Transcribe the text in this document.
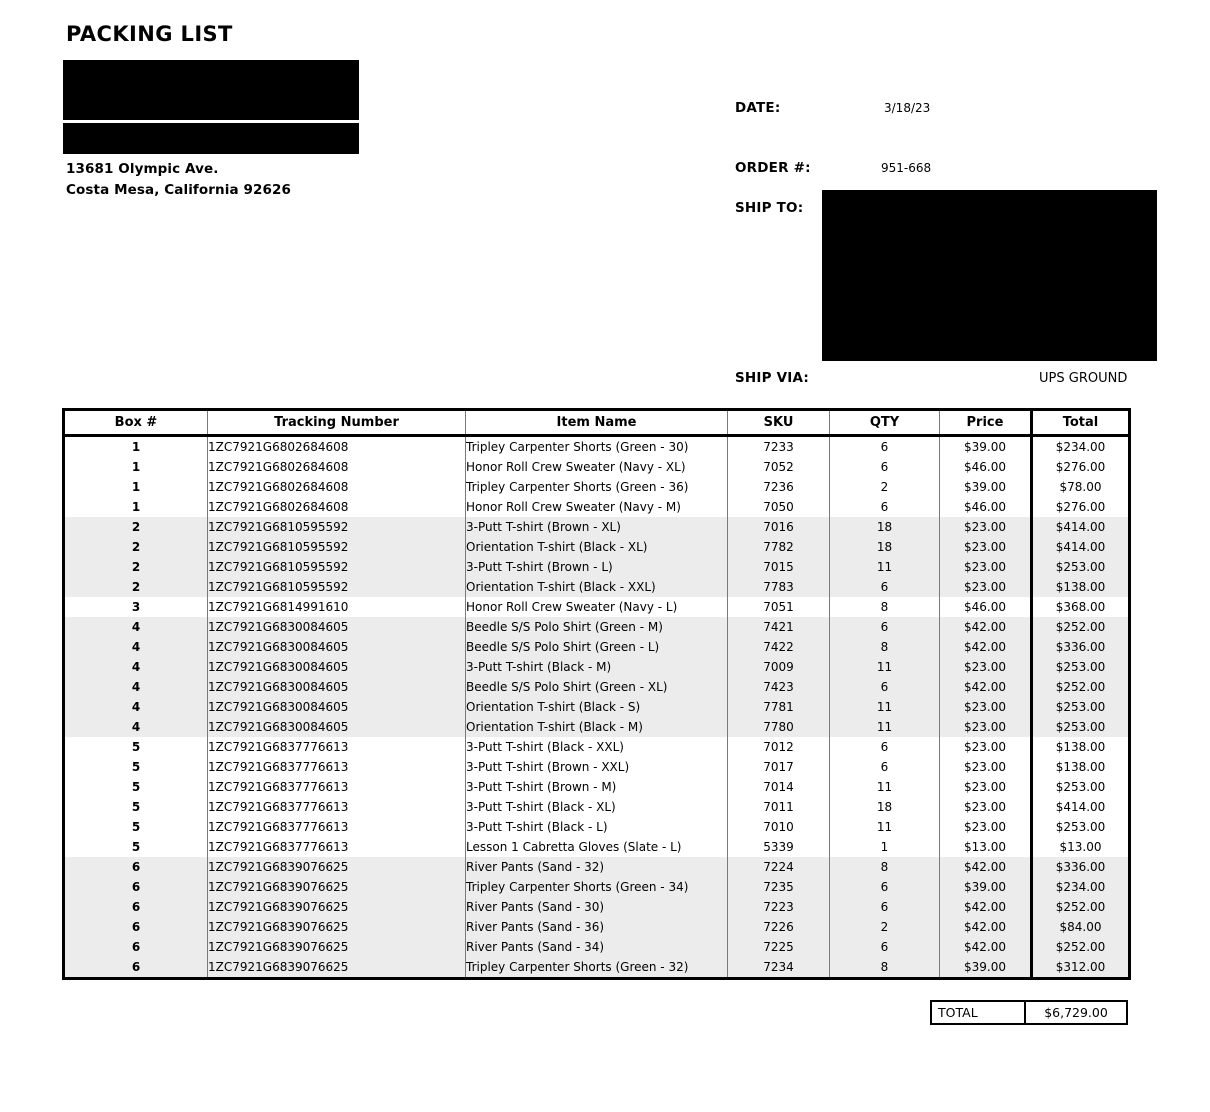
PACKING LIST
13681 Olympic Ave.
Costa Mesa, California 92626
DATE:	3/18/23
ORDER #:	951-668
SHIP TO:
SHIP VIA:	UPS GROUND
Box #	Tracking Number	Item Name	SKU	QTY	Price	Total
1	1ZC7921G6802684608	Tripley Carpenter Shorts (Green - 30)	7233	6	$39.00	$234.00
1	1ZC7921G6802684608	Honor Roll Crew Sweater (Navy - XL)	7052	6	$46.00	$276.00
1	1ZC7921G6802684608	Tripley Carpenter Shorts (Green - 36)	7236	2	$39.00	$78.00
1	1ZC7921G6802684608	Honor Roll Crew Sweater (Navy - M)	7050	6	$46.00	$276.00
2	1ZC7921G6810595592	3-Putt T-shirt (Brown - XL)	7016	18	$23.00	$414.00
2	1ZC7921G6810595592	Orientation T-shirt (Black - XL)	7782	18	$23.00	$414.00
2	1ZC7921G6810595592	3-Putt T-shirt (Brown - L)	7015	11	$23.00	$253.00
2	1ZC7921G6810595592	Orientation T-shirt (Black - XXL)	7783	6	$23.00	$138.00
3	1ZC7921G6814991610	Honor Roll Crew Sweater (Navy - L)	7051	8	$46.00	$368.00
4	1ZC7921G6830084605	Beedle S/S Polo Shirt (Green - M)	7421	6	$42.00	$252.00
4	1ZC7921G6830084605	Beedle S/S Polo Shirt (Green - L)	7422	8	$42.00	$336.00
4	1ZC7921G6830084605	3-Putt T-shirt (Black - M)	7009	11	$23.00	$253.00
4	1ZC7921G6830084605	Beedle S/S Polo Shirt (Green - XL)	7423	6	$42.00	$252.00
4	1ZC7921G6830084605	Orientation T-shirt (Black - S)	7781	11	$23.00	$253.00
4	1ZC7921G6830084605	Orientation T-shirt (Black - M)	7780	11	$23.00	$253.00
5	1ZC7921G6837776613	3-Putt T-shirt (Black - XXL)	7012	6	$23.00	$138.00
5	1ZC7921G6837776613	3-Putt T-shirt (Brown - XXL)	7017	6	$23.00	$138.00
5	1ZC7921G6837776613	3-Putt T-shirt (Brown - M)	7014	11	$23.00	$253.00
5	1ZC7921G6837776613	3-Putt T-shirt (Black - XL)	7011	18	$23.00	$414.00
5	1ZC7921G6837776613	3-Putt T-shirt (Black - L)	7010	11	$23.00	$253.00
5	1ZC7921G6837776613	Lesson 1 Cabretta Gloves (Slate - L)	5339	1	$13.00	$13.00
6	1ZC7921G6839076625	River Pants (Sand - 32)	7224	8	$42.00	$336.00
6	1ZC7921G6839076625	Tripley Carpenter Shorts (Green - 34)	7235	6	$39.00	$234.00
6	1ZC7921G6839076625	River Pants (Sand - 30)	7223	6	$42.00	$252.00
6	1ZC7921G6839076625	River Pants (Sand - 36)	7226	2	$42.00	$84.00
6	1ZC7921G6839076625	River Pants (Sand - 34)	7225	6	$42.00	$252.00
6	1ZC7921G6839076625	Tripley Carpenter Shorts (Green - 32)	7234	8	$39.00	$312.00
TOTAL	$6,729.00
